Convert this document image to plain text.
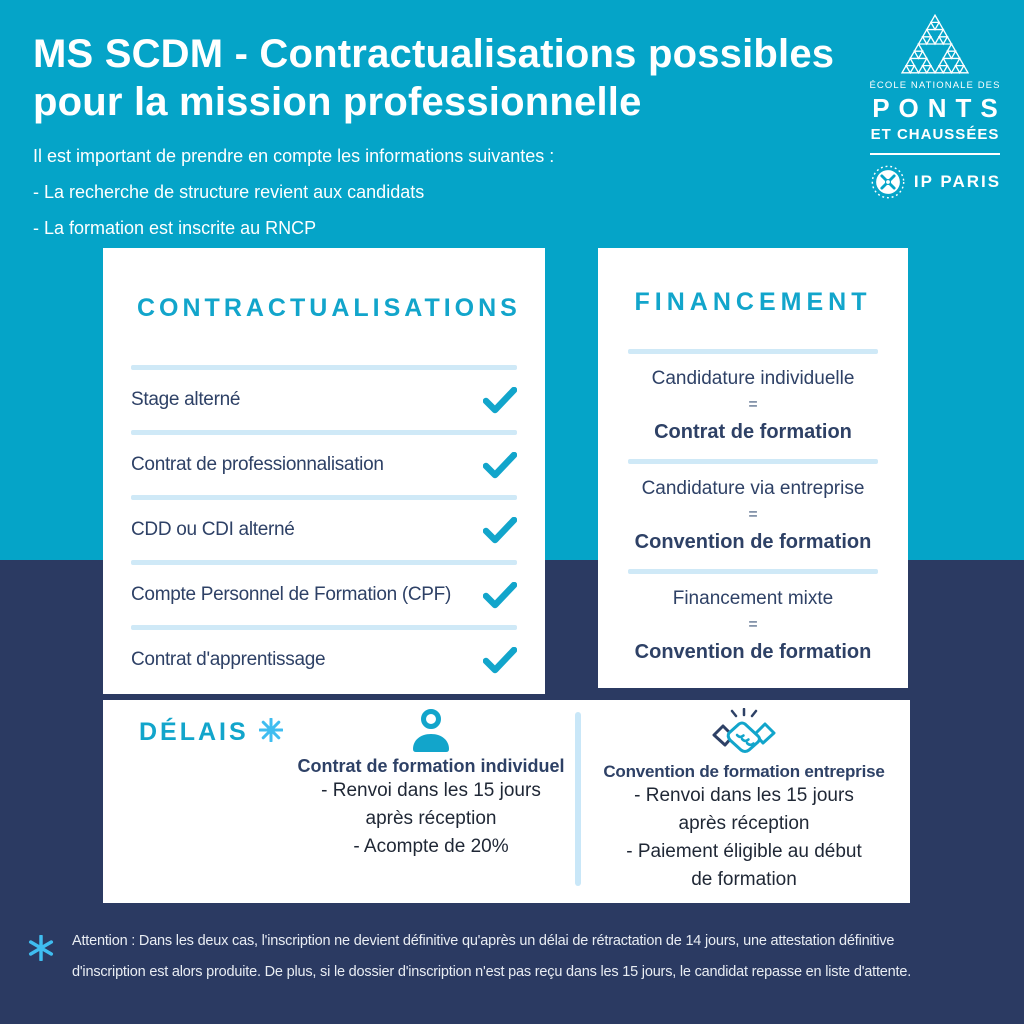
MS SCDM - Contractualisations possibles
pour la mission professionnelle
Il est important de prendre en compte les informations suivantes :
- La recherche de structure revient aux candidats
- La formation est inscrite au RNCP
ÉCOLE NATIONALE DES
PONTS
ET CHAUSSÉES
IP PARIS
CONTRACTUALISATIONS
Stage alterné
Contrat de professionnalisation
CDD ou CDI alterné
Compte Personnel de Formation (CPF)
Contrat d'apprentissage
FINANCEMENT
Candidature individuelle
=
Contrat de formation
Candidature via entreprise
=
Convention de formation
Financement mixte
=
Convention de formation
DÉLAIS
Contrat de formation individuel
- Renvoi dans les 15 jours
après réception
- Acompte de 20%
Convention de formation entreprise
- Renvoi dans les 15 jours
après réception
- Paiement éligible au début
de formation
Attention : Dans les deux cas, l'inscription ne devient définitive qu'après un délai de rétractation de 14 jours, une attestation définitive
d'inscription est alors produite. De plus, si le dossier d'inscription n'est pas reçu dans les 15 jours, le candidat repasse en liste d'attente.
